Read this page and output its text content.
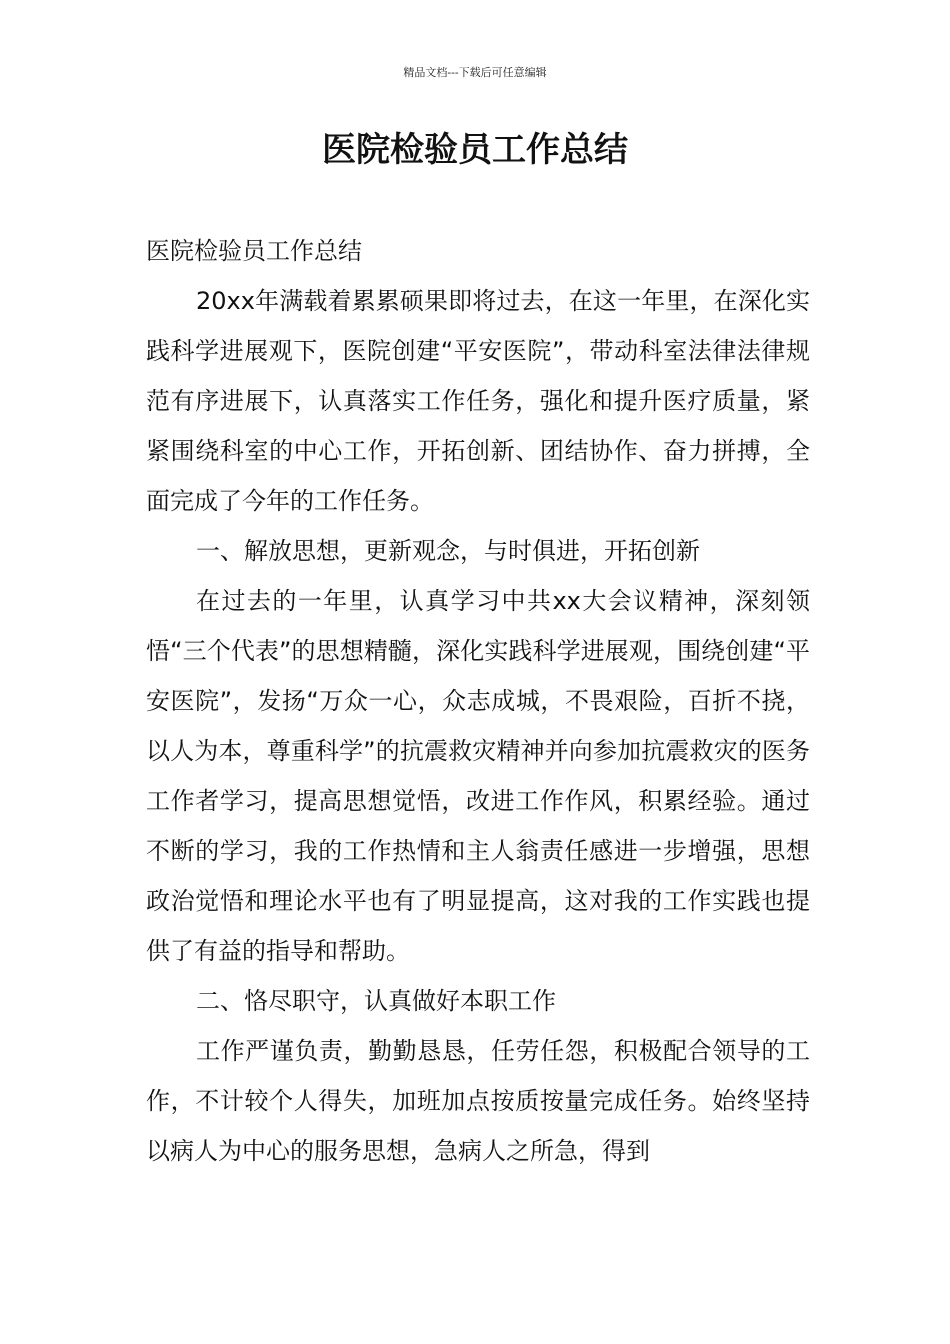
精品文档---下载后可任意编辑
医院检验员工作总结

医院检验员工作总结

20xx年满载着累累硕果即将过去，在这一年里，在深化实践科学进展观下，医院创建“平安医院”，带动科室法律法律规范有序进展下，认真落实工作任务，强化和提升医疗质量，紧紧围绕科室的中心工作，开拓创新、团结协作、奋力拼搏，全面完成了今年的工作任务。

一、解放思想，更新观念，与时俱进，开拓创新

在过去的一年里，认真学习中共xx大会议精神，深刻领悟“三个代表”的思想精髓，深化实践科学进展观，围绕创建“平安医院”，发扬“万众一心，众志成城，不畏艰险，百折不挠，以人为本，尊重科学”的抗震救灾精神并向参加抗震救灾的医务工作者学习，提高思想觉悟，改进工作作风，积累经验。通过不断的学习，我的工作热情和主人翁责任感进一步增强，思想政治觉悟和理论水平也有了明显提高，这对我的工作实践也提供了有益的指导和帮助。

二、恪尽职守，认真做好本职工作

工作严谨负责，勤勤恳恳，任劳任怨，积极配合领导的工作，不计较个人得失，加班加点按质按量完成任务。始终坚持以病人为中心的服务思想，急病人之所急，得到
